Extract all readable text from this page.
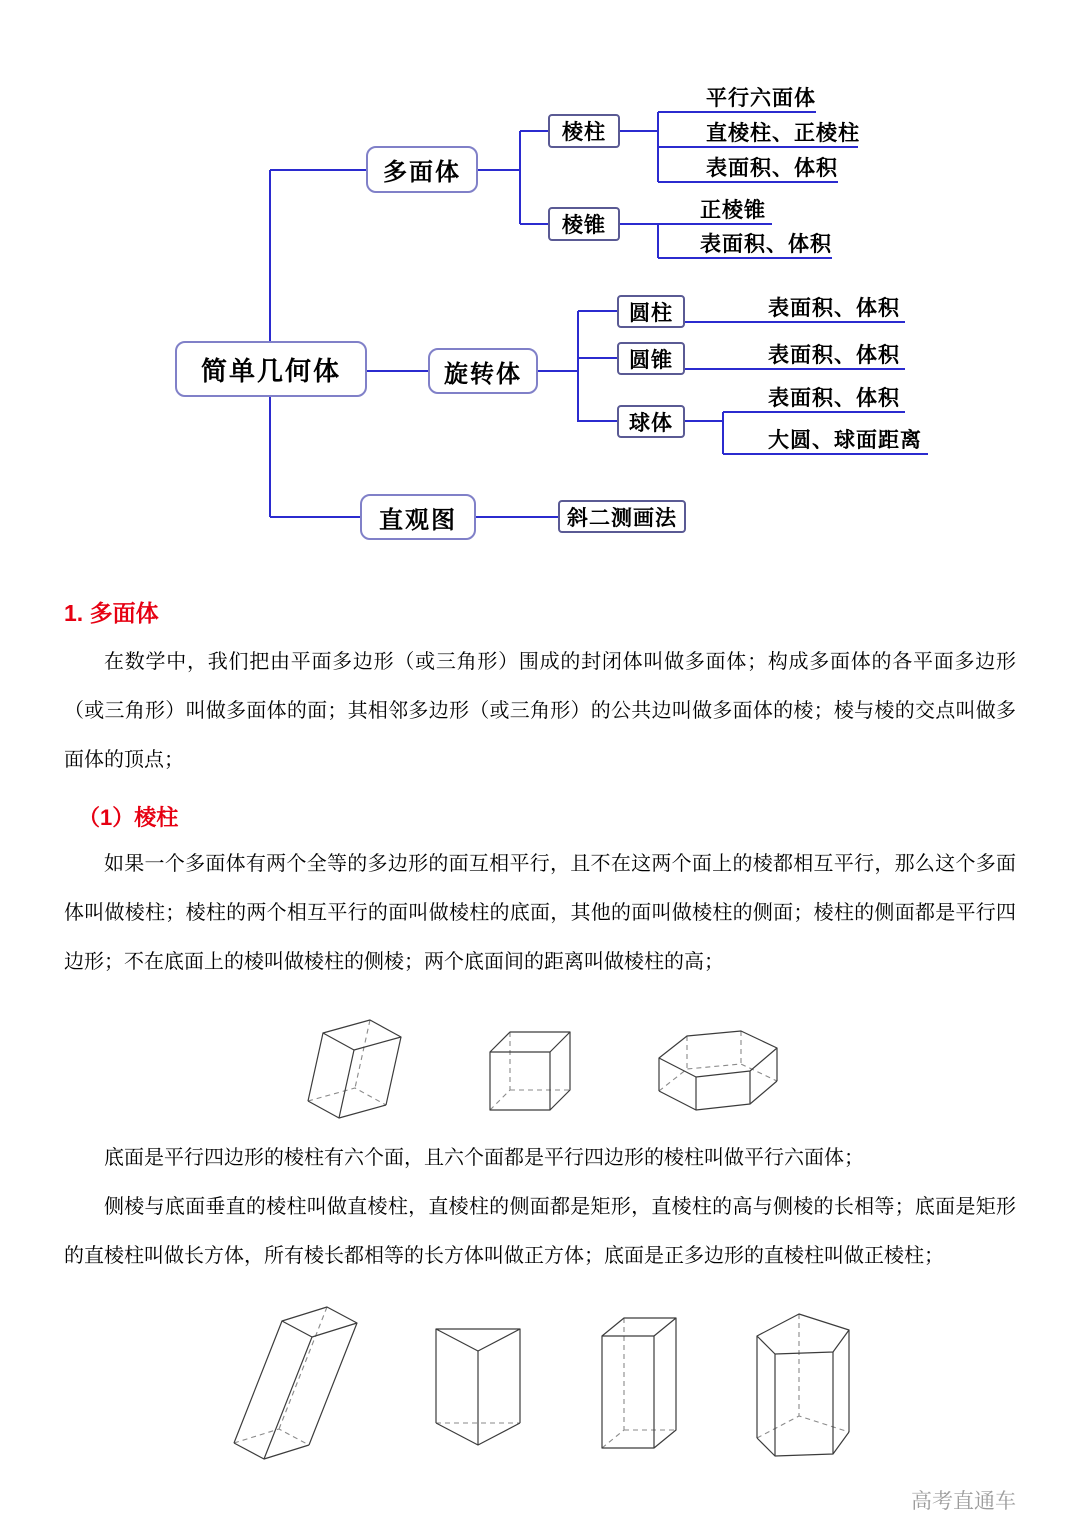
简单几何体
多面体
旋转体
直观图
棱柱
棱锥
圆柱
圆锥
球体
斜二测画法
平行六面体
直棱柱、正棱柱
表面积、体积
正棱锥
表面积、体积
表面积、体积
表面积、体积
表面积、体积
大圆、球面距离
1. 多面体

在数学中，我们把由平面多边形（或三角形）围成的封闭体叫做多面体；构成多面体的各平面多边形（或三角形）叫做多面体的面；其相邻多边形（或三角形）的公共边叫做多面体的棱；棱与棱的交点叫做多面体的顶点；

（1）棱柱

如果一个多面体有两个全等的多边形的面互相平行，且不在这两个面上的棱都相互平行，那么这个多面体叫做棱柱；棱柱的两个相互平行的面叫做棱柱的底面，其他的面叫做棱柱的侧面；棱柱的侧面都是平行四边形；不在底面上的棱叫做棱柱的侧棱；两个底面间的距离叫做棱柱的高；

底面是平行四边形的棱柱有六个面，且六个面都是平行四边形的棱柱叫做平行六面体；

侧棱与底面垂直的棱柱叫做直棱柱，直棱柱的侧面都是矩形，直棱柱的高与侧棱的长相等；底面是矩形的直棱柱叫做长方体，所有棱长都相等的长方体叫做正方体；底面是正多边形的直棱柱叫做正棱柱；

高考直通车
